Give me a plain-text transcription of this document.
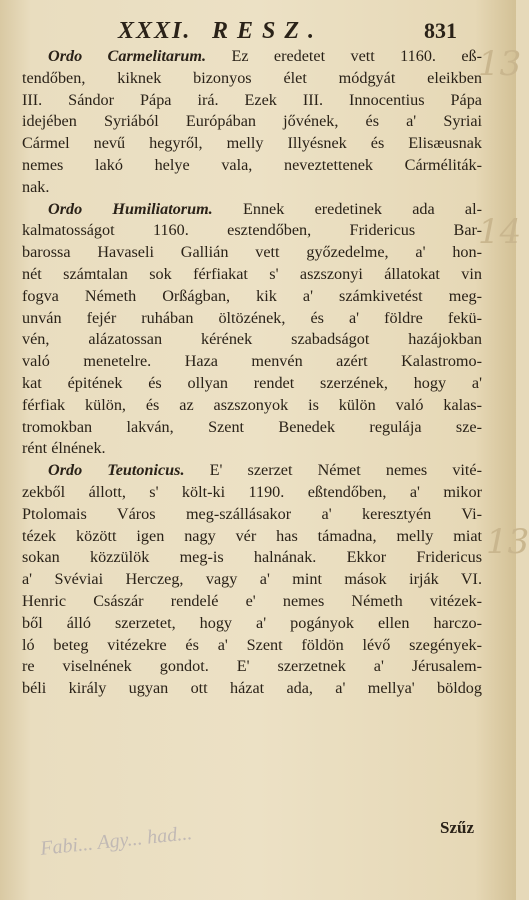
XXXI. RESZ.	831
13
14
13
Ordo Carmelitarum. Ez eredetet vett 1160. eß-
tendőben, kiknek bizonyos élet módgyát eleikben
III. Sándor Pápa irá. Ezek III. Innocentius Pápa
idejében Syriából Európában jővének, és a' Syriai
Cármel nevű hegyről, melly Illyésnek és Elisæusnak
nemes lakó helye vala, neveztettenek Cárméliták-
nak.
Ordo Humiliatorum. Ennek eredetinek ada al-
kalmatosságot 1160. esztendőben, Fridericus Bar-
barossa Havaseli Gallián vett győzedelme, a' hon-
nét számtalan sok férfiakat s' aszszonyi állatokat vin
fogva Németh Orßágban, kik a' számkivetést meg-
unván fejér ruhában öltözének, és a' földre fekü-
vén, alázatossan kérének szabadságot hazájokban
való menetelre. Haza menvén azért Kalastromo-
kat épitének és ollyan rendet szerzének, hogy a'
férfiak külön, és az aszszonyok is külön való kalas-
tromokban lakván, Szent Benedek regulája sze-
rént élnének.
Ordo Teutonicus. E' szerzet Német nemes vité-
zekből állott, s' költ-ki 1190. eßtendőben, a' mikor
Ptolomais Város meg-szállásakor a' keresztyén Vi-
tézek között igen nagy vér has támadna, melly miat
sokan közzülök meg-is halnának. Ekkor Fridericus
a' Svéviai Herczeg, vagy a' mint mások irják VI.
Henric Császár rendelé e' nemes Németh vitézek-
ből álló szerzetet, hogy a' pogányok ellen harczo-
ló beteg vitézekre és a' Szent földön lévő szegények-
re viselnének gondot. E' szerzetnek a' Jérusalem-
béli király ugyan ott házat ada, a' mellya' böldog
Szűz
Fabi... Agy... had...
